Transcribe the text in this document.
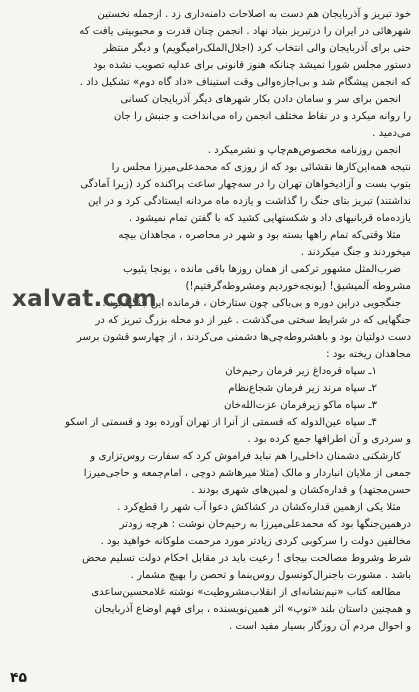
خود تبریز و آذربایجان هم دست به اصلاحات دامنه‌داری زد . ازجمله نخستین
شهرهائی در ایران را درتبریز بنیاد نهاد . انجمن چنان قدرت و محبوبیتی یافت که
حتی برای آذربایجان والی انتخاب کرد (اجلال‌الملک‌رامیگویم) و دیگر منتظر
دستور مجلس شورا نمیشد چنانکه هنوز قانونی برای عدلیه تصویب نشده بود
که انجمن پیشگام شد و بی‌اجازه‌والی وقت استیناف «داد گاه دوم» تشکیل داد .
انجمن برای سر و سامان دادن بکار شهرهای دیگر آذربایجان کسانی
را روانه میکرد و در نقاط مختلف انجمن راه می‌انداخت و جنبش را جان
می‌دمید .
انجمن روزنامه مخصوص‌هم‌چاپ و نشرمیکرد .
نتیجه همه‌این‌کارها نقشائی بود که از روزی که محمدعلی‌میرزا مجلس را
بتوپ بست و آزادیخواهان تهران را در سه‌چهار ساعت پراکنده کرد (زیرا آمادگی
نداشتند) تبریز بتای جنگ را گذاشت و یازده ماه مردانه ایستادگی کرد و در این
یازده‌ماه قربانیهای داد و شکستهایی کشید که با گفتن تمام نمیشود .
مثلا وقتی‌که تمام راهها بسته بود و شهر در محاصره ، مجاهدان بیچه
میخوردند و جنگ میکردند .
ضرب‌المثل مشهور ترکمی از همان روزها باقی مانده ، یونجا یئیوب
مشروطه آلمیشیق! (یونجه‌خوردیم ومشروطه‌گرفتیم!)
جنگجویی دراین دوره و بی‌باکی چون ستارخان ، فرمانده این جنگها بود .
جنگهایی که در شرایط سختی می‌گذشت . غیر از دو محله بزرگ تبریز که در
دست دولتیان بود و باهشروطه‌چی‌ها دشمنی می‌کردند ، از چهارسو قشون برسر
مجاهدان ریخته بود :
۱ـ سپاه قره‌داغ زیر فرمان رحیم‌خان
۲ـ سپاه مرند زیر فرمان شجاع‌نظام
۳ـ سپاه ماکو زیرفرمان عزت‌الله‌خان
۴ـ سپاه عین‌الدوله که قسمتی از آنرا از تهران آورده بود و قسمتی از اسکو
و سردری و آن اطرافها جمع کرده بود .
کارشکنی دشمنان داخلی‌را هم نباید فراموش کرد که سفارت روس‌تزاری و
جمعی از ملایان انباردار و مالک (مثلا میرهاشم دوچی ، امام‌جمعه و حاجی‌میرزا
حسن‌مجتهد) و قداره‌کشان و لمپن‌های شهری بودند .
مثلا یکی ازهمین قداره‌کشان در کشاکش دعوا آب شهر را قطع‌کرد .
درهمین‌جنگها بود که محمدعلی‌میرزا به رحیم‌خان نوشت : هرچه زودتر
مخالفین دولت را سرکوبی کردی زیادتر مورد مرحمت ملوکانه خواهید بود .
شرط وشروط مصالحت بیجای ! رعیت باید در مقابل احکام دولت تسلیم محض
باشد . مشورت باجنرال‌کونسول روس‌بنما و تحصن را بهیچ مشمار .
مطالعه کتاب «نیم‌نشانه‌ای از انقلاب‌مشروطیت» نوشته غلامحسین‌ساعدی
و همچنین داستان بلند «توپ» اثر همین‌نویسنده ، برای فهم اوضاع آذربایجان
و احوال مردم آن روزگار بسیار مفید است .
xalvat.com
۴۵
